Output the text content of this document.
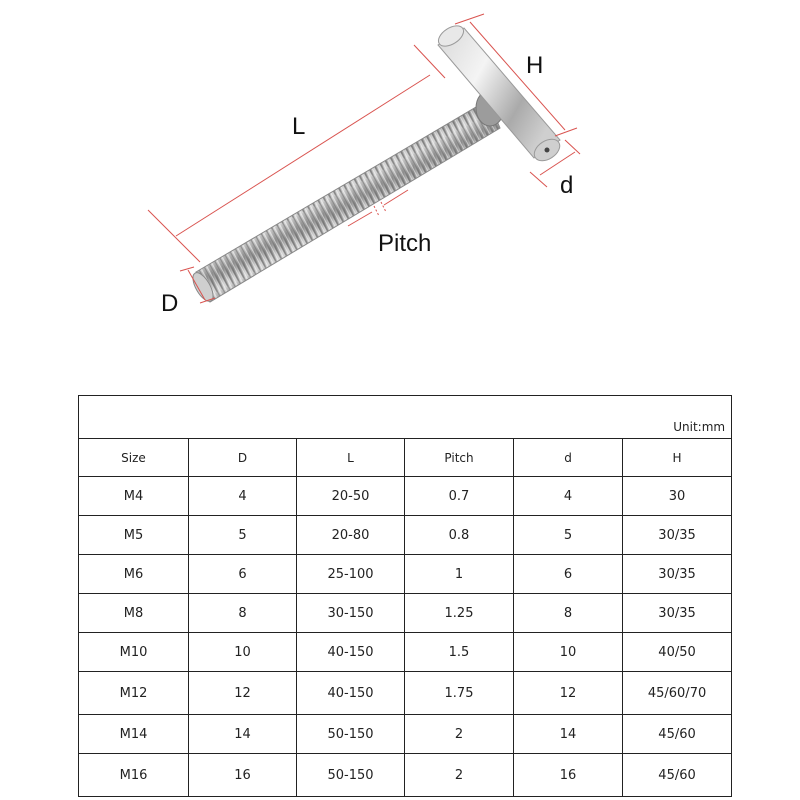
L
H
d
D
Pitch
Unit:mm					
Size	D	L	Pitch	d	H
M4	4	20-50	0.7	4	30
M5	5	20-80	0.8	5	30/35
M6	6	25-100	1	6	30/35
M8	8	30-150	1.25	8	30/35
M10	10	40-150	1.5	10	40/50
M12	12	40-150	1.75	12	45/60/70
M14	14	50-150	2	14	45/60
M16	16	50-150	2	16	45/60
